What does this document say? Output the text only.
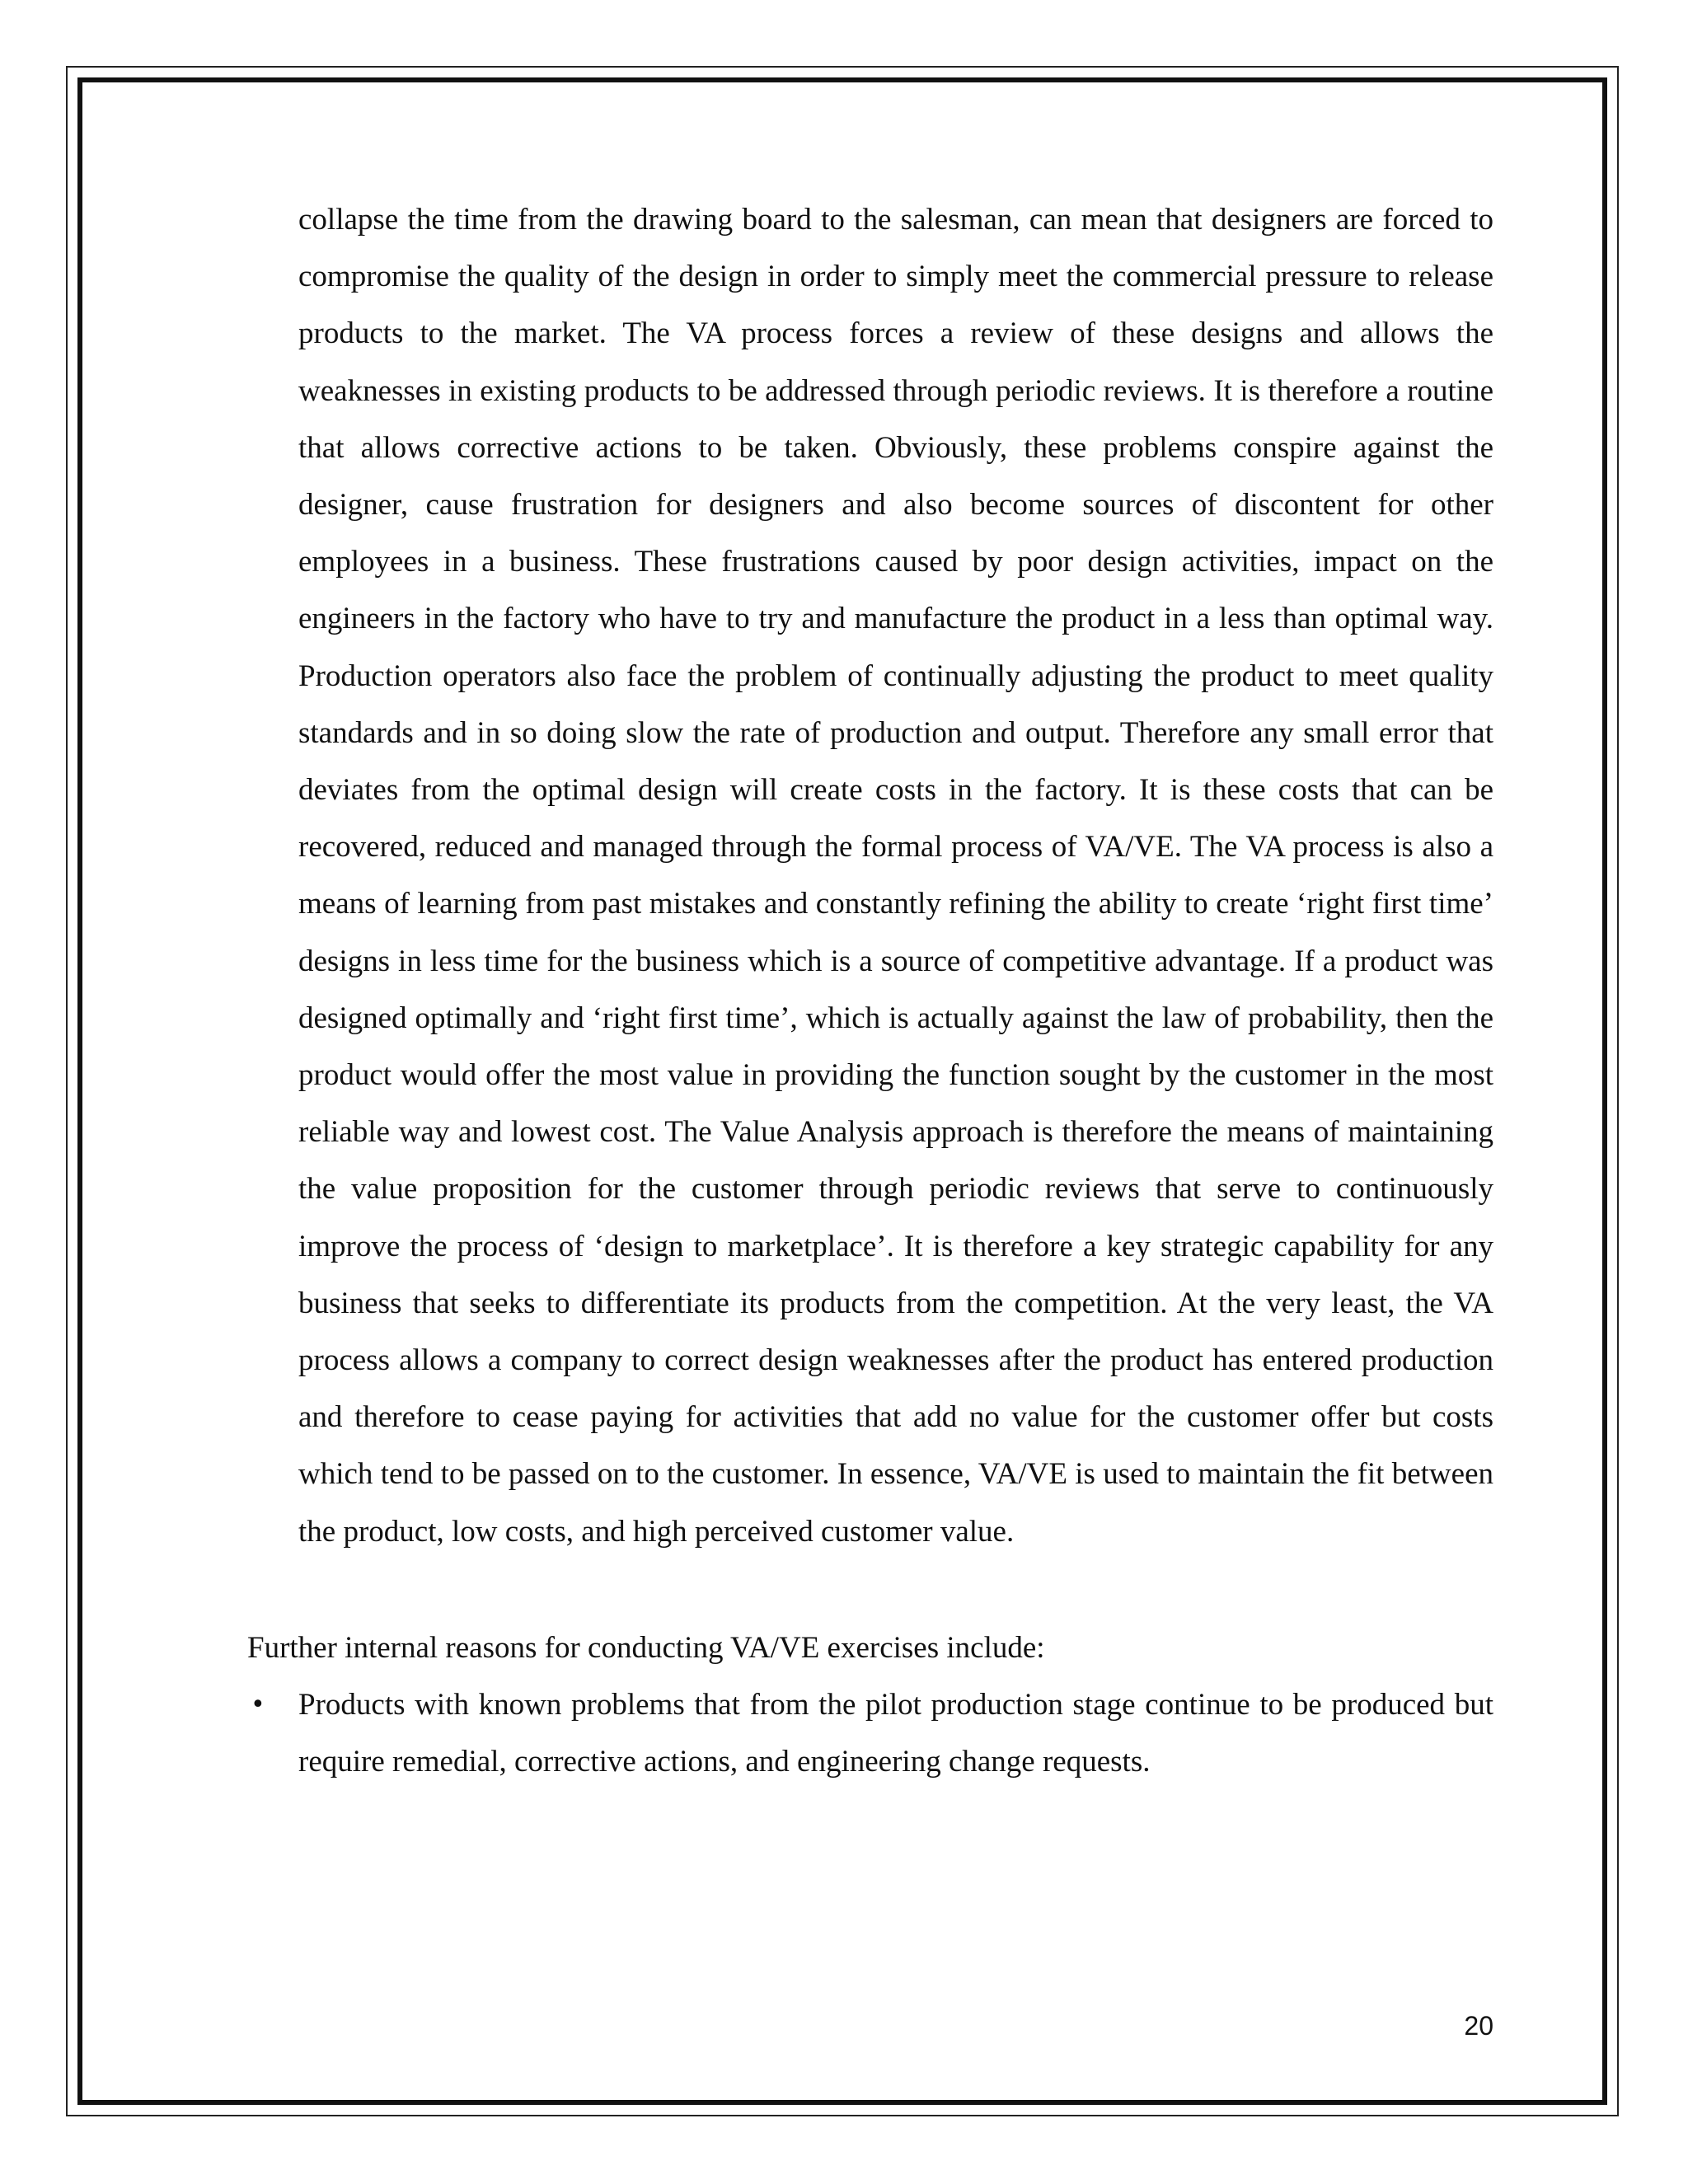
collapse the time from the drawing board to the salesman, can mean that designers are forced to compromise the quality of the design in order to simply meet the commercial pressure to release products to the market. The VA process forces a review of these designs and allows the weaknesses in existing products to be addressed through periodic reviews. It is therefore a routine that allows corrective actions to be taken. Obviously, these problems conspire against the designer, cause frustration for designers and also become sources of discontent for other employees in a business. These frustrations caused by poor design activities, impact on the engineers in the factory who have to try and manufacture the product in a less than optimal way. Production operators also face the problem of continually adjusting the product to meet quality standards and in so doing slow the rate of production and output. Therefore any small error that deviates from the optimal design will create costs in the factory. It is these costs that can be recovered, reduced and managed through the formal process of VA/VE. The VA process is also a means of learning from past mistakes and constantly refining the ability to create ‘right first time’ designs in less time for the business which is a source of competitive advantage. If a product was designed optimally and ‘right first time’, which is actually against the law of probability, then the product would offer the most value in providing the function sought by the customer in the most reliable way and lowest cost. The Value Analysis approach is therefore the means of maintaining the value proposition for the customer through periodic reviews that serve to continuously improve the process of ‘design to marketplace’. It is therefore a key strategic capability for any business that seeks to differentiate its products from the competition. At the very least, the VA process allows a company to correct design weaknesses after the product has entered production and therefore to cease paying for activities that add no value for the customer offer but costs which tend to be passed on to the customer. In essence, VA/VE is used to maintain the fit between the product, low costs, and high perceived customer value.

Further internal reasons for conducting VA/VE exercises include:

• Products with known problems that from the pilot production stage continue to be produced but require remedial, corrective actions, and engineering change requests.
20
